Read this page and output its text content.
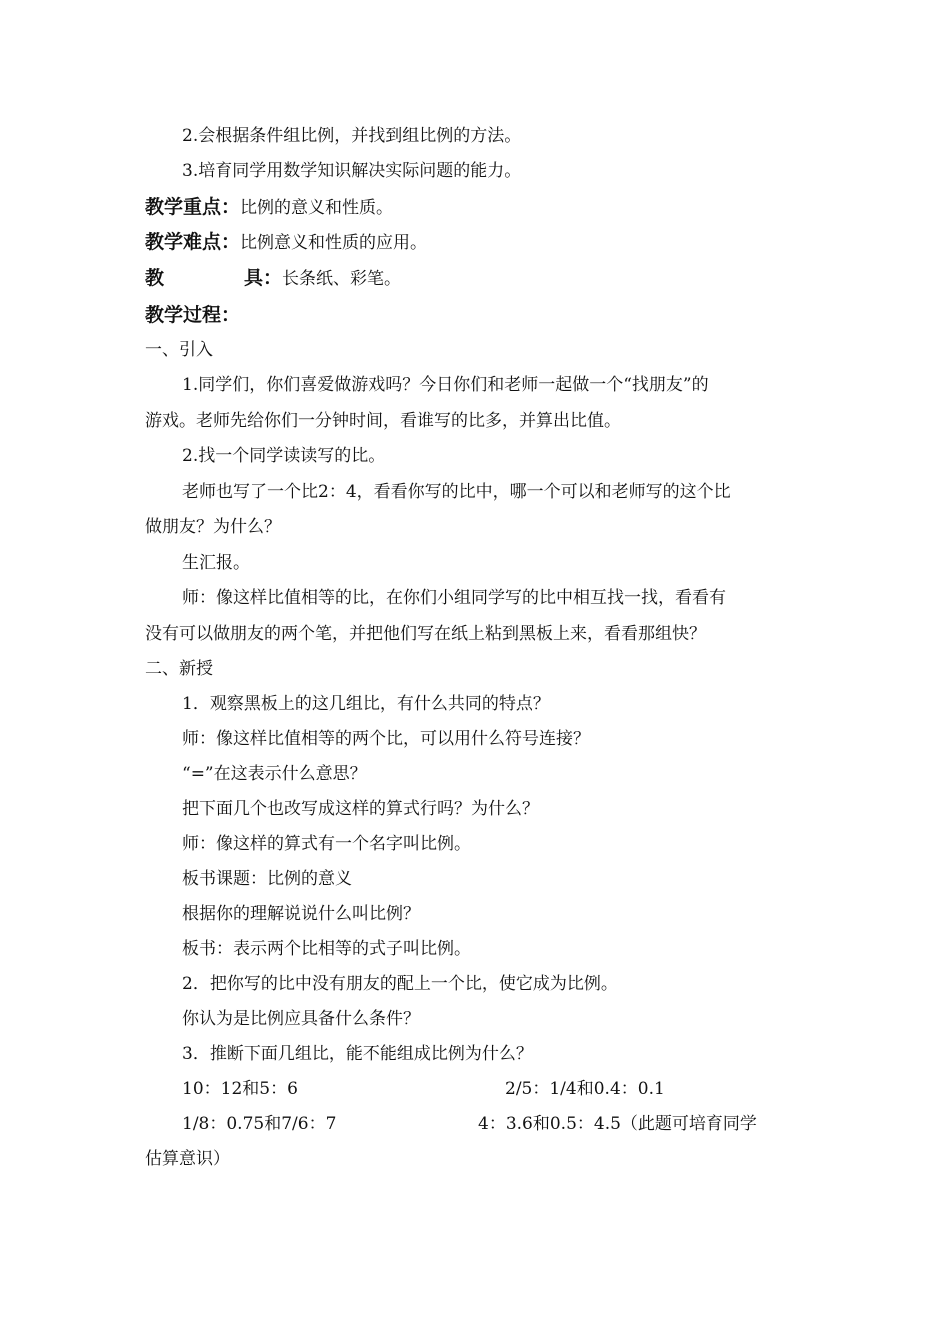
2.会根据条件组比例，并找到组比例的方法。
3.培育同学用数学知识解决实际问题的能力。
教学重点：比例的意义和性质。
教学难点：比例意义和性质的应用。
教	具：长条纸、彩笔。
教学过程：
一、引入
1.同学们，你们喜爱做游戏吗？今日你们和老师一起做一个“找朋友”的
游戏。老师先给你们一分钟时间，看谁写的比多，并算出比值。
2.找一个同学读读写的比。
老师也写了一个比2：4，看看你写的比中，哪一个可以和老师写的这个比
做朋友？为什么？
生汇报。
师：像这样比值相等的比，在你们小组同学写的比中相互找一找，看看有
没有可以做朋友的两个笔，并把他们写在纸上粘到黑板上来，看看那组快？
二、新授
1．观察黑板上的这几组比，有什么共同的特点？
师：像这样比值相等的两个比，可以用什么符号连接？
“=”在这表示什么意思？
把下面几个也改写成这样的算式行吗？为什么？
师：像这样的算式有一个名字叫比例。
板书课题：比例的意义
根据你的理解说说什么叫比例？
板书：表示两个比相等的式子叫比例。
2．把你写的比中没有朋友的配上一个比，使它成为比例。
你认为是比例应具备什么条件？
3．推断下面几组比，能不能组成比例为什么？
10：12和5：6	2/5：1/4和0.4：0.1
1/8：0.75和7/6：7	4：3.6和0.5：4.5（此题可培育同学
估算意识）
